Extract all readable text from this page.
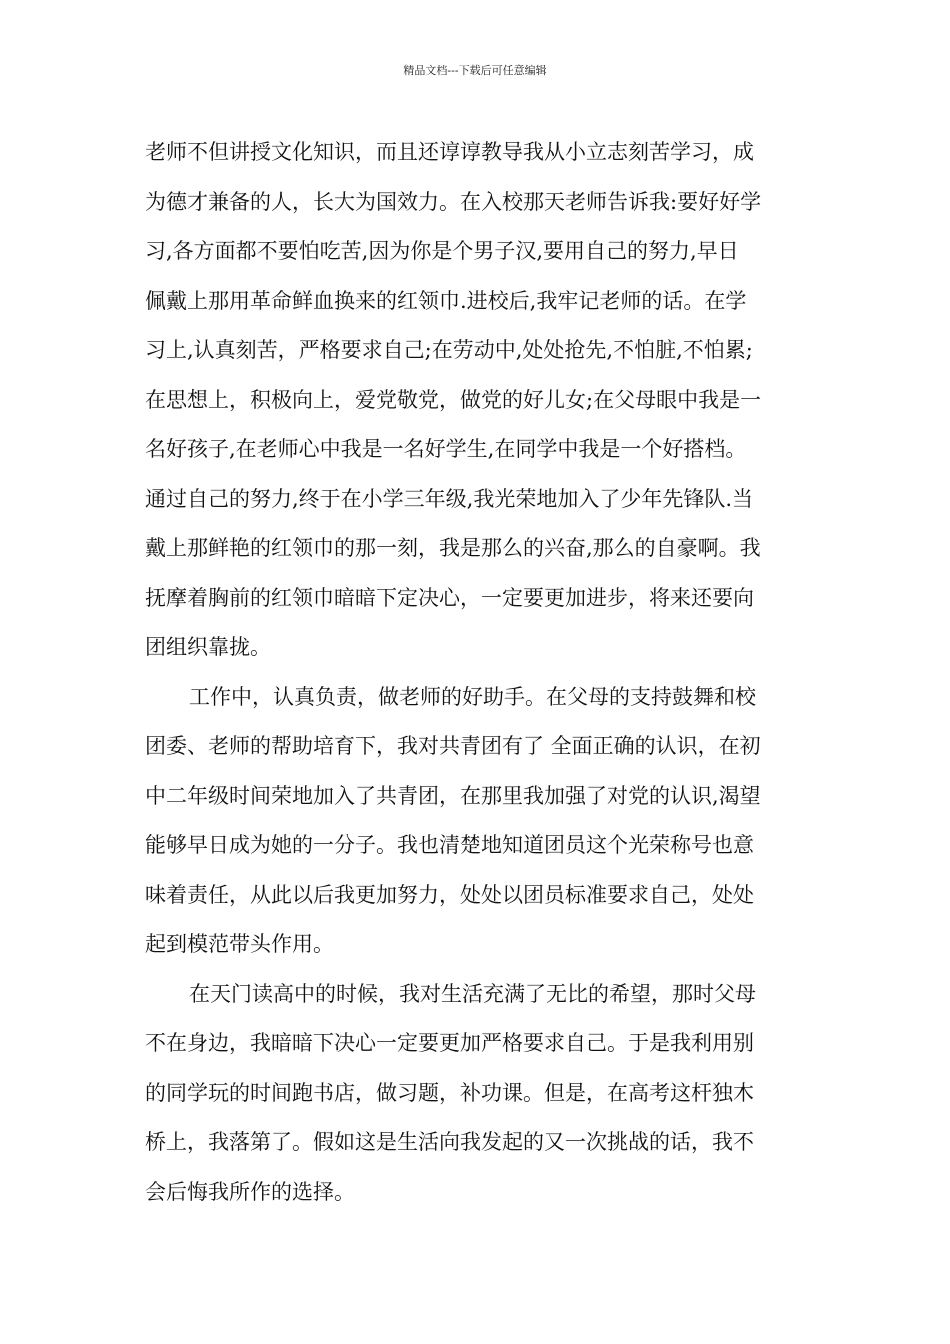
精品文档---下载后可任意编辑
老师不但讲授文化知识，而且还谆谆教导我从小立志刻苦学习，成
为德才兼备的人，长大为国效力。在入校那天老师告诉我:要好好学
习,各方面都不要怕吃苦,因为你是个男子汉,要用自己的努力,早日
佩戴上那用革命鲜血换来的红领巾.进校后,我牢记老师的话。在学
习上,认真刻苦，严格要求自己;在劳动中,处处抢先,不怕脏,不怕累;
在思想上，积极向上，爱党敬党，做党的好儿女;在父母眼中我是一
名好孩子,在老师心中我是一名好学生,在同学中我是一个好搭档。
通过自己的努力,终于在小学三年级,我光荣地加入了少年先锋队.当
戴上那鲜艳的红领巾的那一刻，我是那么的兴奋,那么的自豪啊。我
抚摩着胸前的红领巾暗暗下定决心，一定要更加进步，将来还要向
团组织靠拢。
工作中，认真负责，做老师的好助手。在父母的支持鼓舞和校
团委、老师的帮助培育下，我对共青团有了 全面正确的认识，在初
中二年级时间荣地加入了共青团，在那里我加强了对党的认识,渴望
能够早日成为她的一分子。我也清楚地知道团员这个光荣称号也意
味着责任，从此以后我更加努力，处处以团员标准要求自己，处处
起到模范带头作用。
在天门读高中的时候，我对生活充满了无比的希望，那时父母
不在身边，我暗暗下决心一定要更加严格要求自己。于是我利用别
的同学玩的时间跑书店，做习题，补功课。但是，在高考这杆独木
桥上，我落第了。假如这是生活向我发起的又一次挑战的话，我不
会后悔我所作的选择。
